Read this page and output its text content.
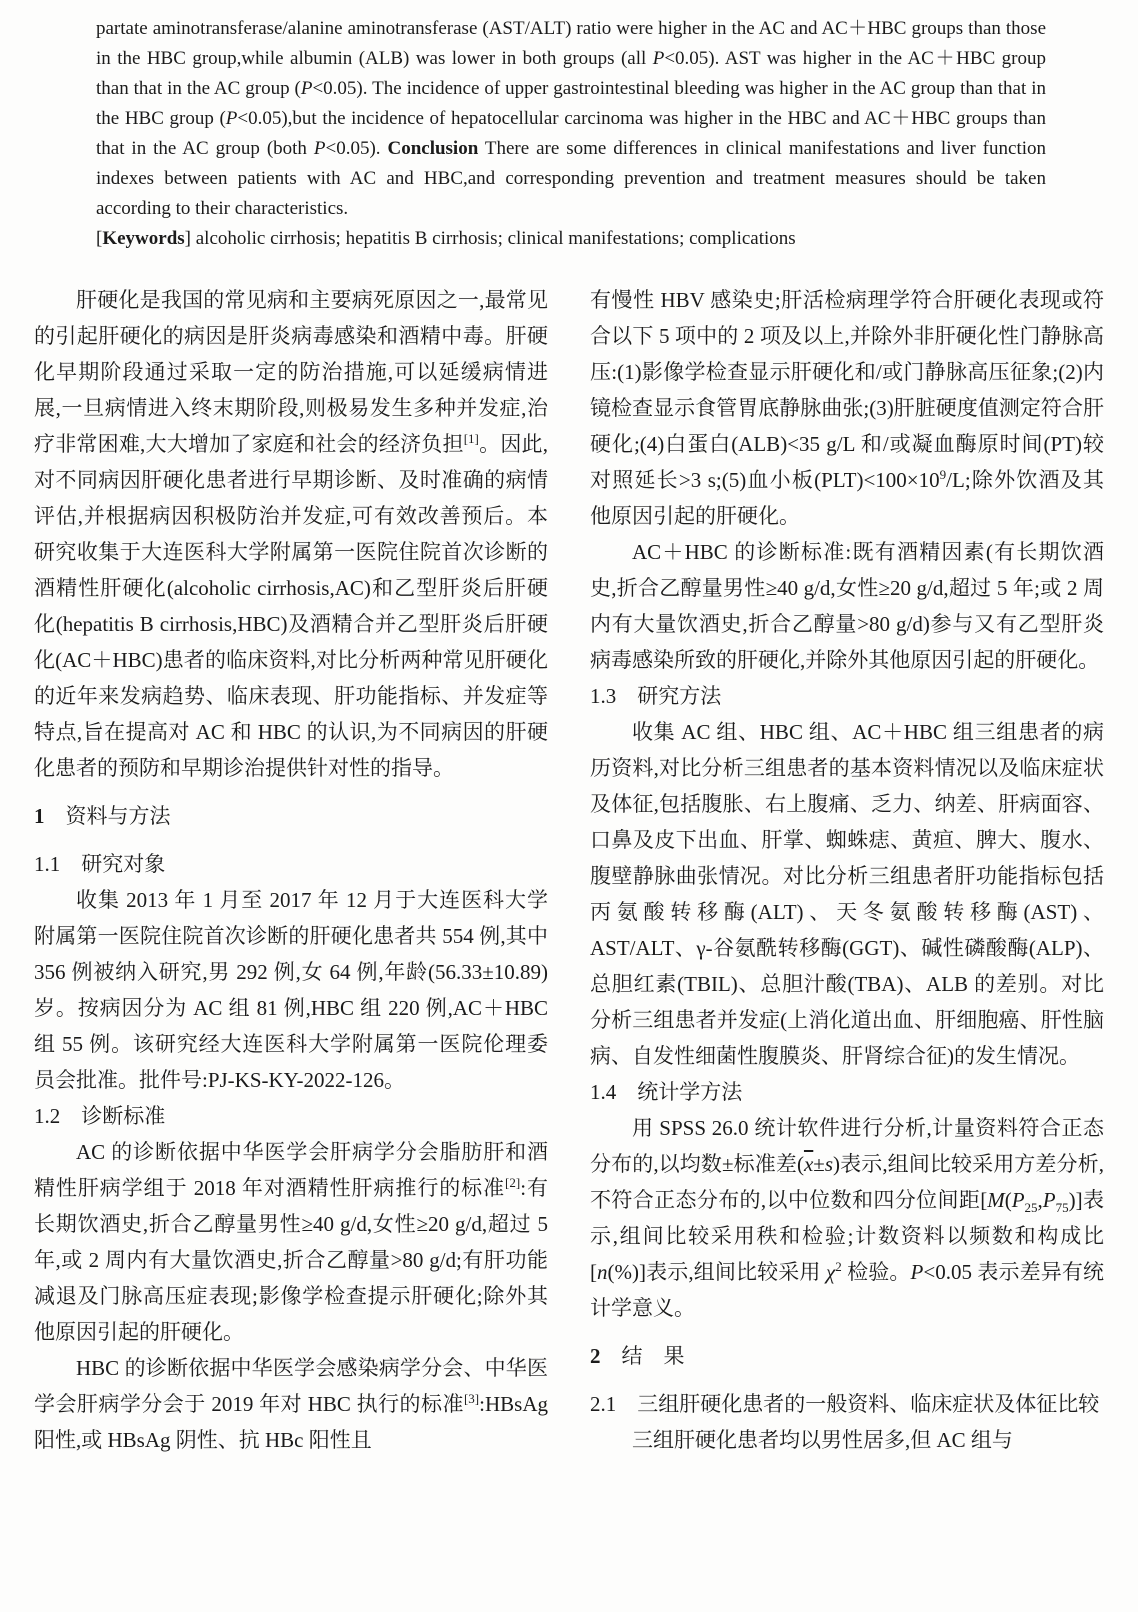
partate aminotransferase/alanine aminotransferase (AST/ALT) ratio were higher in the AC and AC＋HBC groups than those in the HBC group,while albumin (ALB) was lower in both groups (all P<0.05). AST was higher in the AC＋HBC group than that in the AC group (P<0.05). The incidence of upper gastrointestinal bleeding was higher in the AC group than that in the HBC group (P<0.05),but the incidence of hepatocellular carcinoma was higher in the HBC and AC＋HBC groups than that in the AC group (both P<0.05). Conclusion There are some differences in clinical manifestations and liver function indexes between patients with AC and HBC,and corresponding prevention and treatment measures should be taken according to their characteristics.

[Keywords] alcoholic cirrhosis; hepatitis B cirrhosis; clinical manifestations; complications

肝硬化是我国的常见病和主要病死原因之一,最常见的引起肝硬化的病因是肝炎病毒感染和酒精中毒。肝硬化早期阶段通过采取一定的防治措施,可以延缓病情进展,一旦病情进入终末期阶段,则极易发生多种并发症,治疗非常困难,大大增加了家庭和社会的经济负担[1]。因此,对不同病因肝硬化患者进行早期诊断、及时准确的病情评估,并根据病因积极防治并发症,可有效改善预后。本研究收集于大连医科大学附属第一医院住院首次诊断的酒精性肝硬化(alcoholic cirrhosis,AC)和乙型肝炎后肝硬化(hepatitis B cirrhosis,HBC)及酒精合并乙型肝炎后肝硬化(AC＋HBC)患者的临床资料,对比分析两种常见肝硬化的近年来发病趋势、临床表现、肝功能指标、并发症等特点,旨在提高对 AC 和 HBC 的认识,为不同病因的肝硬化患者的预防和早期诊治提供针对性的指导。

1　资料与方法

1.1　研究对象

收集 2013 年 1 月至 2017 年 12 月于大连医科大学附属第一医院住院首次诊断的肝硬化患者共 554 例,其中 356 例被纳入研究,男 292 例,女 64 例,年龄(56.33±10.89)岁。按病因分为 AC 组 81 例,HBC 组 220 例,AC＋HBC 组 55 例。该研究经大连医科大学附属第一医院伦理委员会批准。批件号:PJ-KS-KY-2022-126。

1.2　诊断标准

AC 的诊断依据中华医学会肝病学分会脂肪肝和酒精性肝病学组于 2018 年对酒精性肝病推行的标准[2]:有长期饮酒史,折合乙醇量男性≥40 g/d,女性≥20 g/d,超过 5 年,或 2 周内有大量饮酒史,折合乙醇量>80 g/d;有肝功能减退及门脉高压症表现;影像学检查提示肝硬化;除外其他原因引起的肝硬化。

HBC 的诊断依据中华医学会感染病学分会、中华医学会肝病学分会于 2019 年对 HBC 执行的标准[3]:HBsAg 阳性,或 HBsAg 阴性、抗 HBc 阳性且

有慢性 HBV 感染史;肝活检病理学符合肝硬化表现或符合以下 5 项中的 2 项及以上,并除外非肝硬化性门静脉高压:(1)影像学检查显示肝硬化和/或门静脉高压征象;(2)内镜检查显示食管胃底静脉曲张;(3)肝脏硬度值测定符合肝硬化;(4)白蛋白(ALB)<35 g/L 和/或凝血酶原时间(PT)较对照延长>3 s;(5)血小板$(PLT)<100\times 10^9/L$;除外饮酒及其他原因引起的肝硬化。

AC＋HBC 的诊断标准:既有酒精因素(有长期饮酒史,折合乙醇量男性≥40 g/d,女性≥20 g/d,超过 5 年;或 2 周内有大量饮酒史,折合乙醇量>80 g/d)参与又有乙型肝炎病毒感染所致的肝硬化,并除外其他原因引起的肝硬化。

1.3　研究方法

收集 AC 组、HBC 组、AC＋HBC 组三组患者的病历资料,对比分析三组患者的基本资料情况以及临床症状及体征,包括腹胀、右上腹痛、乏力、纳差、肝病面容、口鼻及皮下出血、肝掌、蜘蛛痣、黄疸、脾大、腹水、腹壁静脉曲张情况。对比分析三组患者肝功能指标包括丙氨酸转移酶(ALT)、天冬氨酸转移酶(AST)、AST/ALT、γ-谷氨酰转移酶(GGT)、碱性磷酸酶(ALP)、总胆红素(TBIL)、总胆汁酸(TBA)、ALB 的差别。对比分析三组患者并发症(上消化道出血、肝细胞癌、肝性脑病、自发性细菌性腹膜炎、肝肾综合征)的发生情况。

1.4　统计学方法

用 SPSS 26.0 统计软件进行分析,计量资料符合正态分布的,以均数±标准差$(\overline{x}\pm s)$表示,组间比较采用方差分析,不符合正态分布的,以中位数和四分位间距$[M(P_{25},P_{75})]$表示,组间比较采用秩和检验;计数资料以频数和构成比[n(%)]表示,组间比较采用 $\chi^2$ 检验。P<0.05 表示差异有统计学意义。

2　结　果

2.1　三组肝硬化患者的一般资料、临床症状及体征比较

三组肝硬化患者均以男性居多,但 AC 组与
